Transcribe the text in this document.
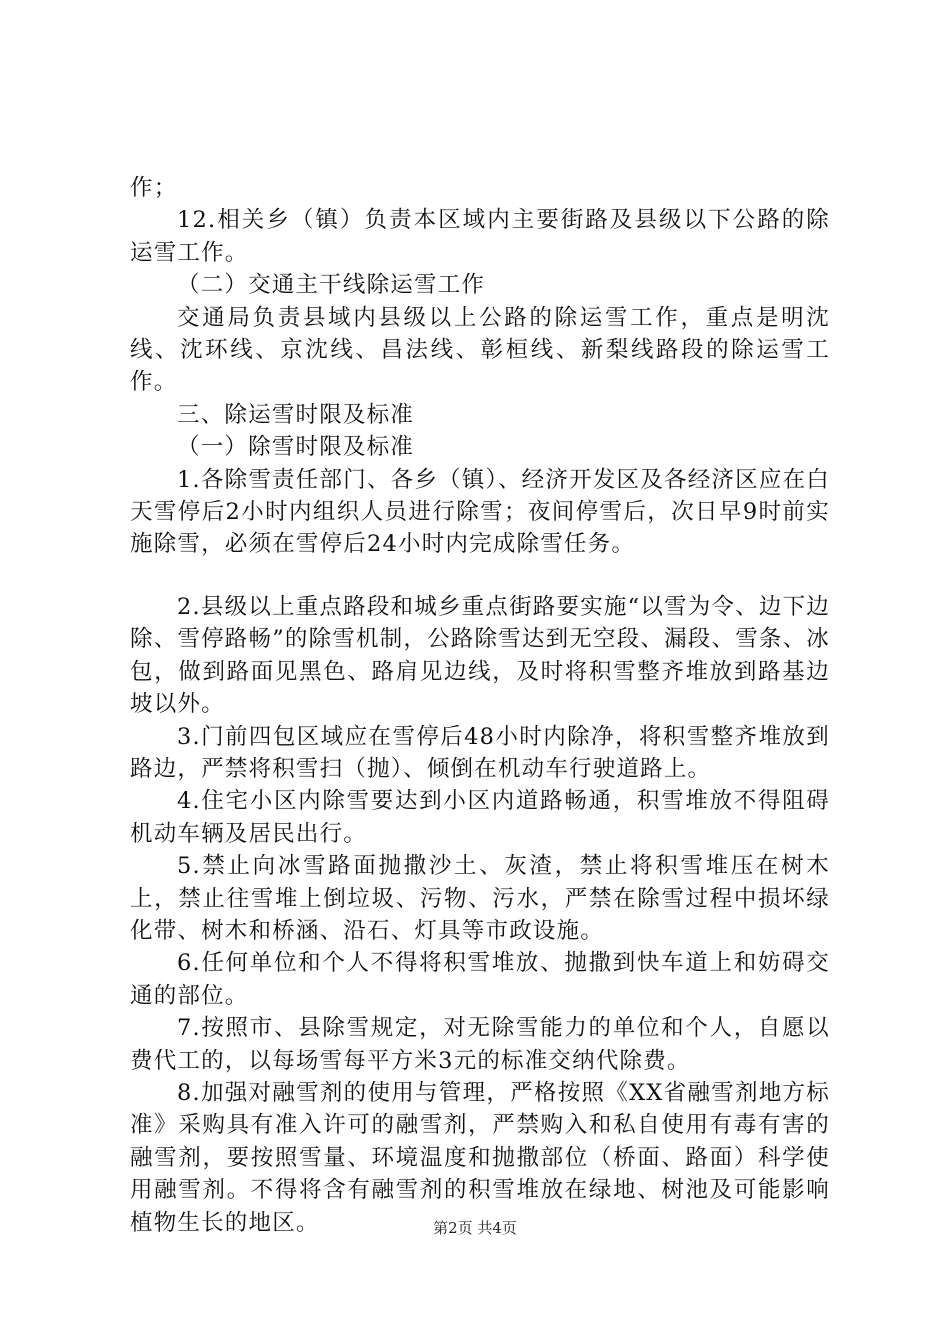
作；

12.相关乡（镇）负责本区域内主要街路及县级以下公路的除运雪工作。

（二）交通主干线除运雪工作

交通局负责县域内县级以上公路的除运雪工作，重点是明沈线、沈环线、京沈线、昌法线、彰桓线、新梨线路段的除运雪工作。

三、除运雪时限及标准

（一）除雪时限及标准

1.各除雪责任部门、各乡（镇）、经济开发区及各经济区应在白天雪停后2小时内组织人员进行除雪；夜间停雪后，次日早9时前实施除雪，必须在雪停后24小时内完成除雪任务。

2.县级以上重点路段和城乡重点街路要实施“以雪为令、边下边除、雪停路畅”的除雪机制，公路除雪达到无空段、漏段、雪条、冰包，做到路面见黑色、路肩见边线，及时将积雪整齐堆放到路基边坡以外。

3.门前四包区域应在雪停后48小时内除净，将积雪整齐堆放到路边，严禁将积雪扫（抛）、倾倒在机动车行驶道路上。

4.住宅小区内除雪要达到小区内道路畅通，积雪堆放不得阻碍机动车辆及居民出行。

5.禁止向冰雪路面抛撒沙土、灰渣，禁止将积雪堆压在树木上，禁止往雪堆上倒垃圾、污物、污水，严禁在除雪过程中损坏绿化带、树木和桥涵、沿石、灯具等市政设施。

6.任何单位和个人不得将积雪堆放、抛撒到快车道上和妨碍交通的部位。

7.按照市、县除雪规定，对无除雪能力的单位和个人，自愿以费代工的，以每场雪每平方米3元的标准交纳代除费。

8.加强对融雪剂的使用与管理，严格按照《XX省融雪剂地方标准》采购具有准入许可的融雪剂，严禁购入和私自使用有毒有害的融雪剂，要按照雪量、环境温度和抛撒部位（桥面、路面）科学使用融雪剂。不得将含有融雪剂的积雪堆放在绿地、树池及可能影响植物生长的地区。	第2页 共4页
